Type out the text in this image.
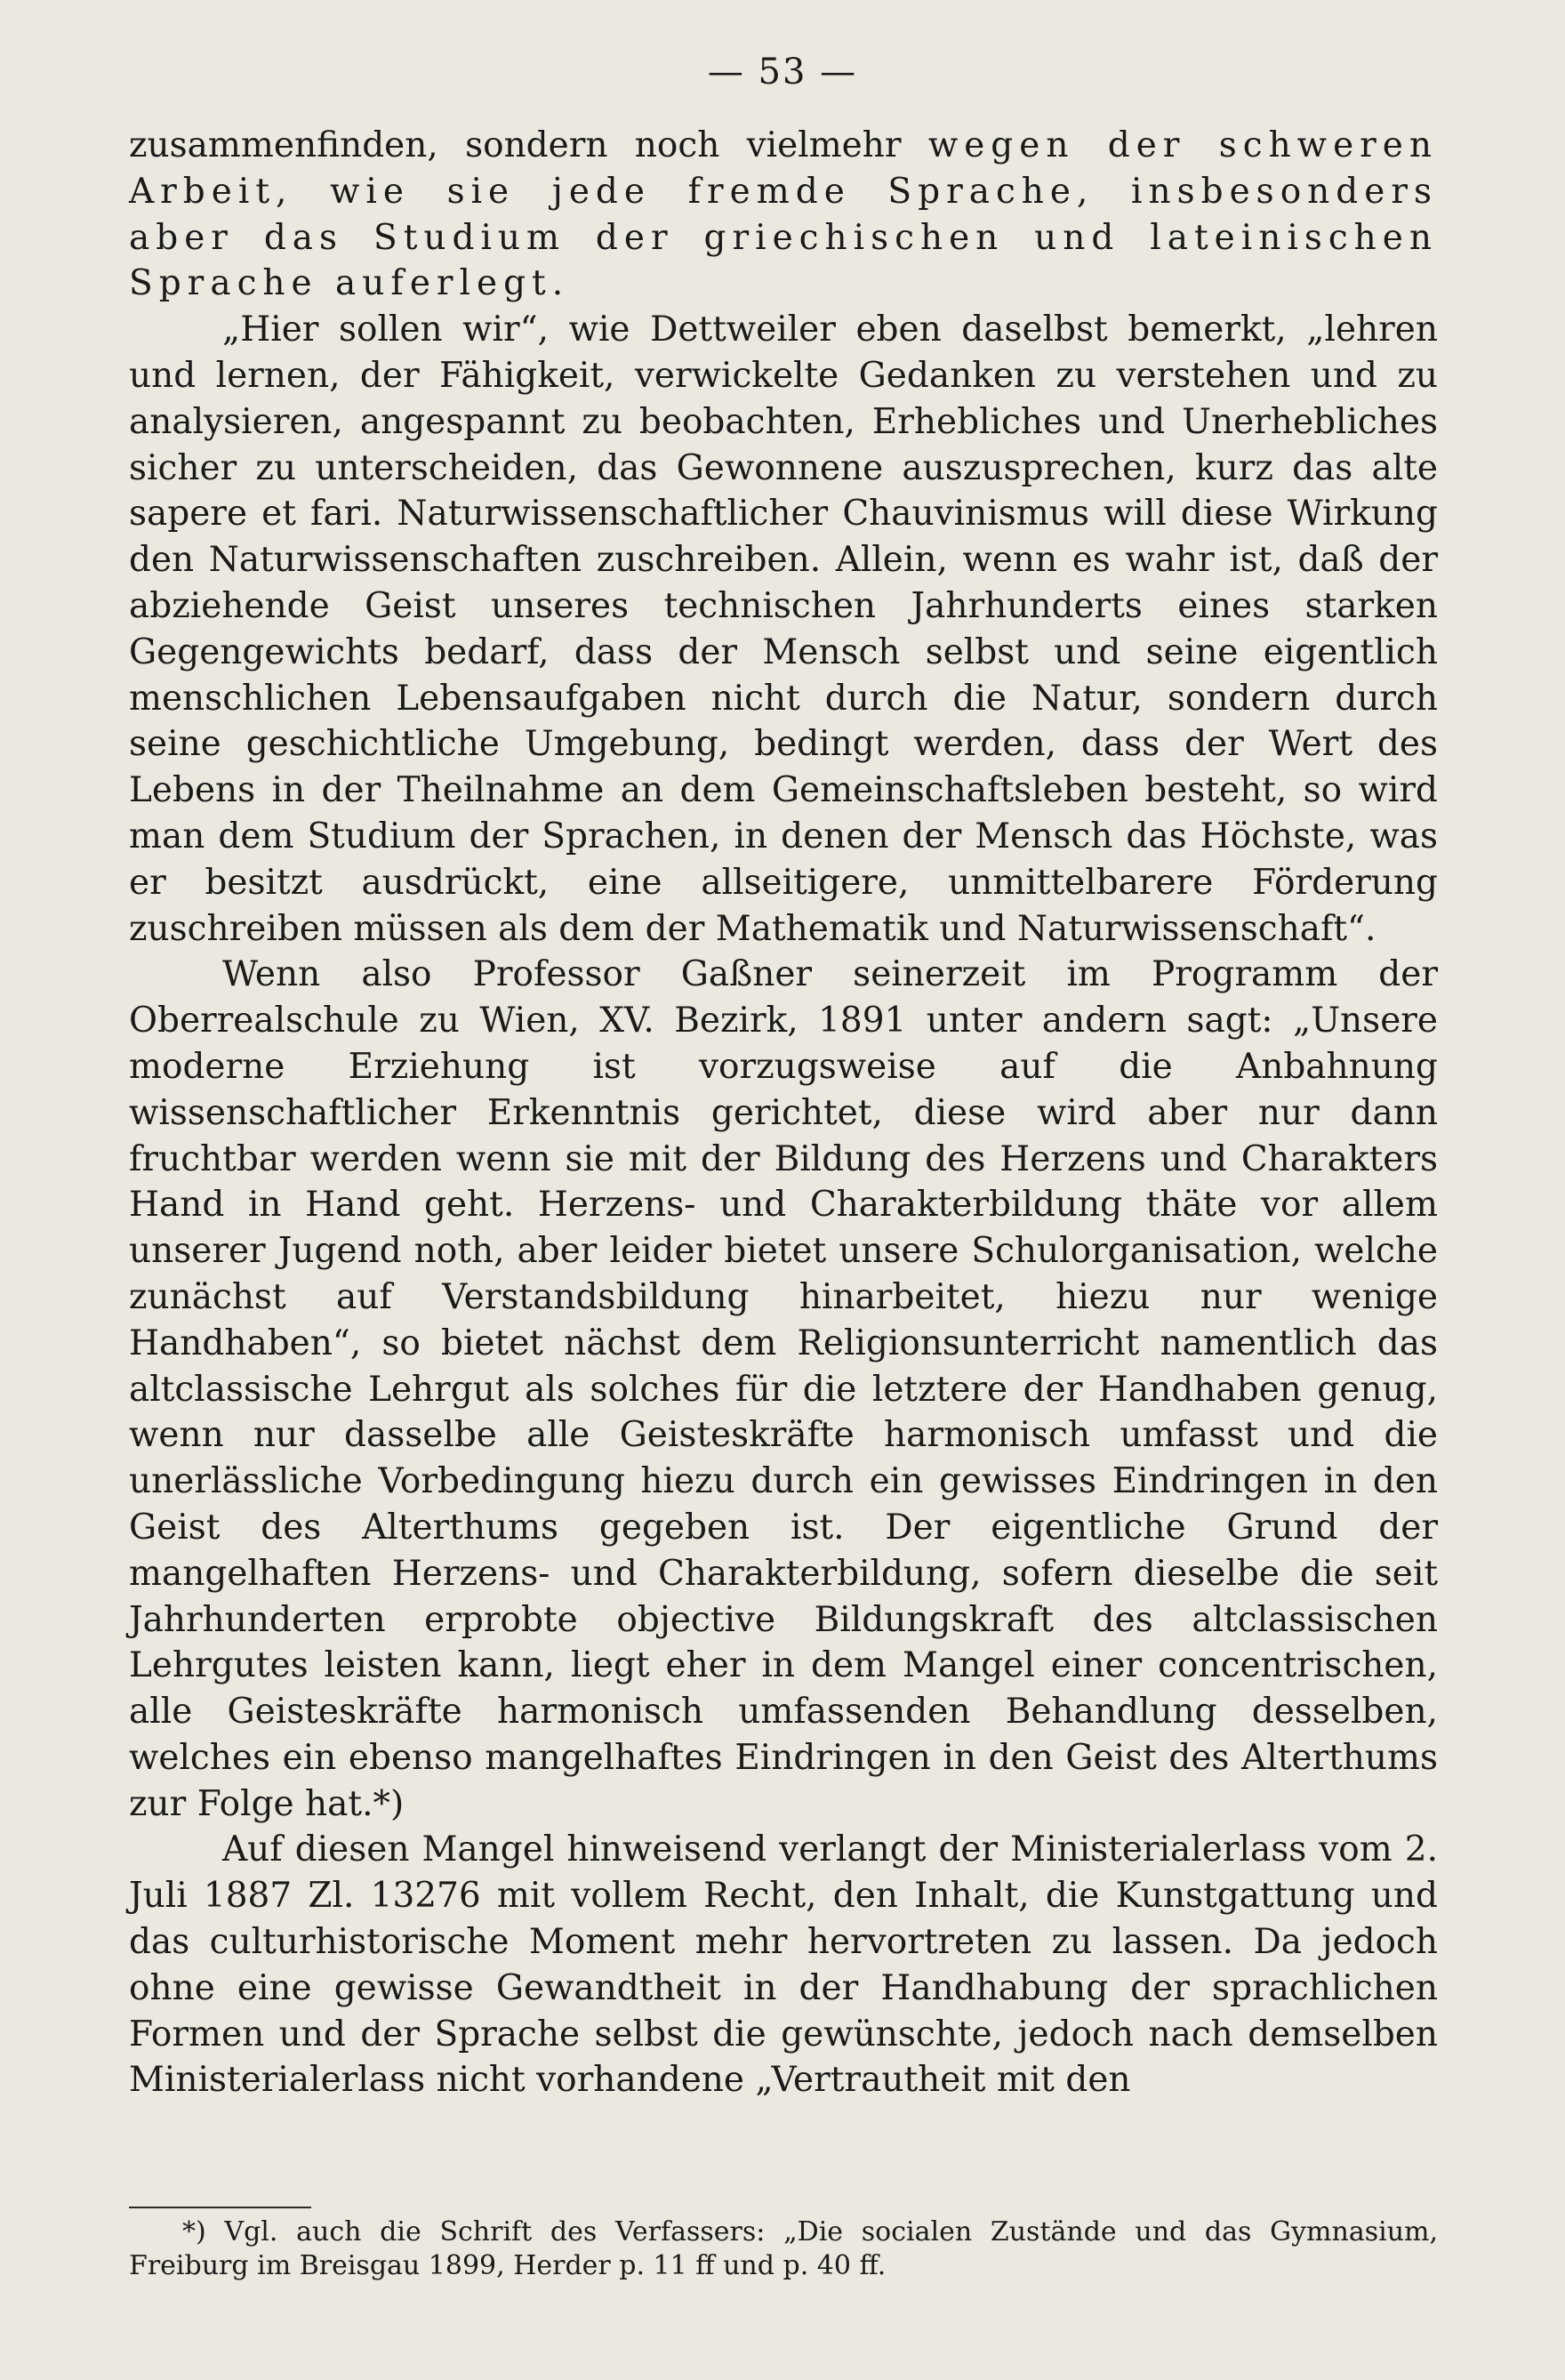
— 53 —

zusammenfinden, sondern noch vielmehr wegen der schweren Arbeit, wie sie jede fremde Sprache, insbesonders aber das Studium der griechischen und lateinischen Sprache auferlegt.

„Hier sollen wir“, wie Dettweiler eben daselbst bemerkt, „lehren und lernen, der Fähigkeit, verwickelte Gedanken zu verstehen und zu analysieren, angespannt zu beobachten, Erhebliches und Unerhebliches sicher zu unterscheiden, das Gewonnene auszusprechen, kurz das alte sapere et fari. Naturwissenschaftlicher Chauvinismus will diese Wirkung den Naturwissenschaften zuschreiben. Allein, wenn es wahr ist, daß der abziehende Geist unseres technischen Jahrhunderts eines starken Gegengewichts bedarf, dass der Mensch selbst und seine eigentlich menschlichen Lebensaufgaben nicht durch die Natur, sondern durch seine geschichtliche Umgebung, bedingt werden, dass der Wert des Lebens in der Theilnahme an dem Gemeinschaftsleben besteht, so wird man dem Studium der Sprachen, in denen der Mensch das Höchste, was er besitzt ausdrückt, eine allseitigere, unmittelbarere Förderung zuschreiben müssen als dem der Mathematik und Naturwissenschaft“.

Wenn also Professor Gaßner seinerzeit im Programm der Oberrealschule zu Wien, XV. Bezirk, 1891 unter andern sagt: „Unsere moderne Erziehung ist vorzugsweise auf die Anbahnung wissenschaftlicher Erkenntnis gerichtet, diese wird aber nur dann fruchtbar werden wenn sie mit der Bildung des Herzens und Charakters Hand in Hand geht. Herzens- und Charakterbildung thäte vor allem unserer Jugend noth, aber leider bietet unsere Schulorganisation, welche zunächst auf Verstandsbildung hinarbeitet, hiezu nur wenige Handhaben“, so bietet nächst dem Religionsunterricht namentlich das altclassische Lehrgut als solches für die letztere der Handhaben genug, wenn nur dasselbe alle Geisteskräfte harmonisch umfasst und die unerlässliche Vorbedingung hiezu durch ein gewisses Eindringen in den Geist des Alterthums gegeben ist. Der eigentliche Grund der mangelhaften Herzens- und Charakterbildung, sofern dieselbe die seit Jahrhunderten erprobte objective Bildungskraft des altclassischen Lehrgutes leisten kann, liegt eher in dem Mangel einer concentrischen, alle Geisteskräfte harmonisch umfassenden Behandlung desselben, welches ein ebenso mangelhaftes Eindringen in den Geist des Alterthums zur Folge hat.*)

Auf diesen Mangel hinweisend verlangt der Ministerialerlass vom 2. Juli 1887 Zl. 13276 mit vollem Recht, den Inhalt, die Kunstgattung und das culturhistorische Moment mehr hervortreten zu lassen. Da jedoch ohne eine gewisse Gewandtheit in der Handhabung der sprachlichen Formen und der Sprache selbst die gewünschte, jedoch nach demselben Ministerialerlass nicht vorhandene „Vertrautheit mit den

*) Vgl. auch die Schrift des Verfassers: „Die socialen Zustände und das Gymnasium, Freiburg im Breisgau 1899, Herder p. 11 ff und p. 40 ff.
